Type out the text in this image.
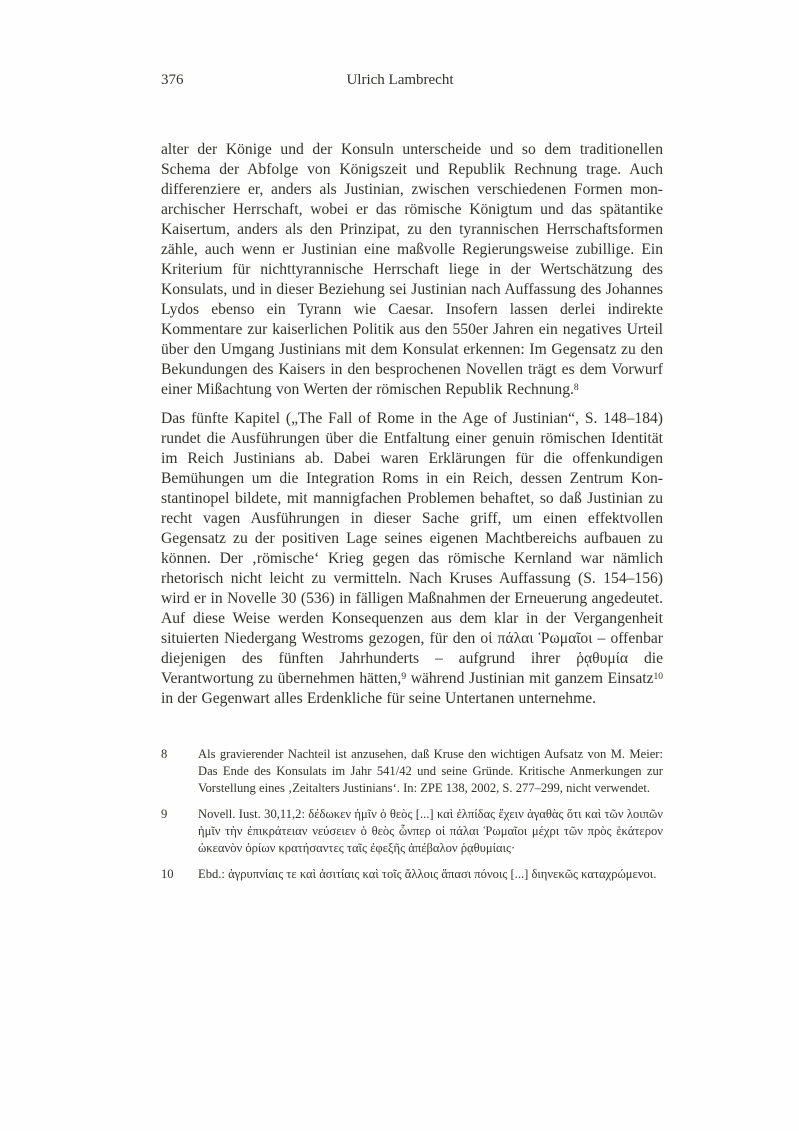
376	Ulrich Lambrecht

alter der Könige und der Konsuln unterscheide und so dem traditionellen Schema der Abfolge von Königszeit und Republik Rechnung trage. Auch differenziere er, anders als Justinian, zwischen verschiedenen Formen monarchischer Herrschaft, wobei er das römische Königtum und das spätantike Kaisertum, anders als den Prinzipat, zu den tyrannischen Herrschaftsformen zähle, auch wenn er Justinian eine maßvolle Regierungsweise zubillige. Ein Kriterium für nichttyrannische Herrschaft liege in der Wertschätzung des Konsulats, und in dieser Beziehung sei Justinian nach Auffassung des Johannes Lydos ebenso ein Tyrann wie Caesar. Insofern lassen derlei indirekte Kommentare zur kaiserlichen Politik aus den 550er Jahren ein negatives Urteil über den Umgang Justinians mit dem Konsulat erkennen: Im Gegensatz zu den Bekundungen des Kaisers in den besprochenen Novellen trägt es dem Vorwurf einer Mißachtung von Werten der römischen Republik Rechnung.$^8$

Das fünfte Kapitel („The Fall of Rome in the Age of Justinian“, S. 148–184) rundet die Ausführungen über die Entfaltung einer genuin römischen Identität im Reich Justinians ab. Dabei waren Erklärungen für die offenkundigen Bemühungen um die Integration Roms in ein Reich, dessen Zentrum Konstantinopel bildete, mit mannigfachen Problemen behaftet, so daß Justinian zu recht vagen Ausführungen in dieser Sache griff, um einen effektvollen Gegensatz zu der positiven Lage seines eigenen Machtbereichs aufbauen zu können. Der ‚römische‘ Krieg gegen das römische Kernland war nämlich rhetorisch nicht leicht zu vermitteln. Nach Kruses Auffassung (S. 154–156) wird er in Novelle 30 (536) in fälligen Maßnahmen der Erneuerung angedeutet. Auf diese Weise werden Konsequenzen aus dem klar in der Vergangenheit situierten Niedergang Westroms gezogen, für den οἱ πάλαι Ῥωμαῖοι – offenbar diejenigen des fünften Jahrhunderts – aufgrund ihrer ῥᾳθυμία die Verantwortung zu übernehmen hätten,$^9$ während Justinian mit ganzem Einsatz$^{10}$ in der Gegenwart alles Erdenkliche für seine Untertanen unternehme.

8	Als gravierender Nachteil ist anzusehen, daß Kruse den wichtigen Aufsatz von M. Meier: Das Ende des Konsulats im Jahr 541/42 und seine Gründe. Kritische Anmerkungen zur Vorstellung eines ‚Zeitalters Justinians‘. In: ZPE 138, 2002, S. 277–299, nicht verwendet.
9	Novell. Iust. 30,11,2: δέδωκεν ἡμῖν ὁ θεὸς [...] καὶ ἐλπίδας ἔχειν ἀγαθὰς ὅτι καὶ τῶν λοιπῶν ἡμῖν τὴν ἐπικράτειαν νεύσειεν ὁ θεὸς ὧνπερ οἱ πάλαι Ῥωμαῖοι μέχρι τῶν πρὸς ἑκάτερον ὠκεανὸν ὁρίων κρατήσαντες ταῖς ἐφεξῆς ἀπέβαλον ῥᾳθυμίαις·
10	Ebd.: ἀγρυπνίαις τε καὶ ἀσιτίαις καὶ τοῖς ἄλλοις ἅπασι πόνοις [...] διηνεκῶς καταχρώμενοι.
